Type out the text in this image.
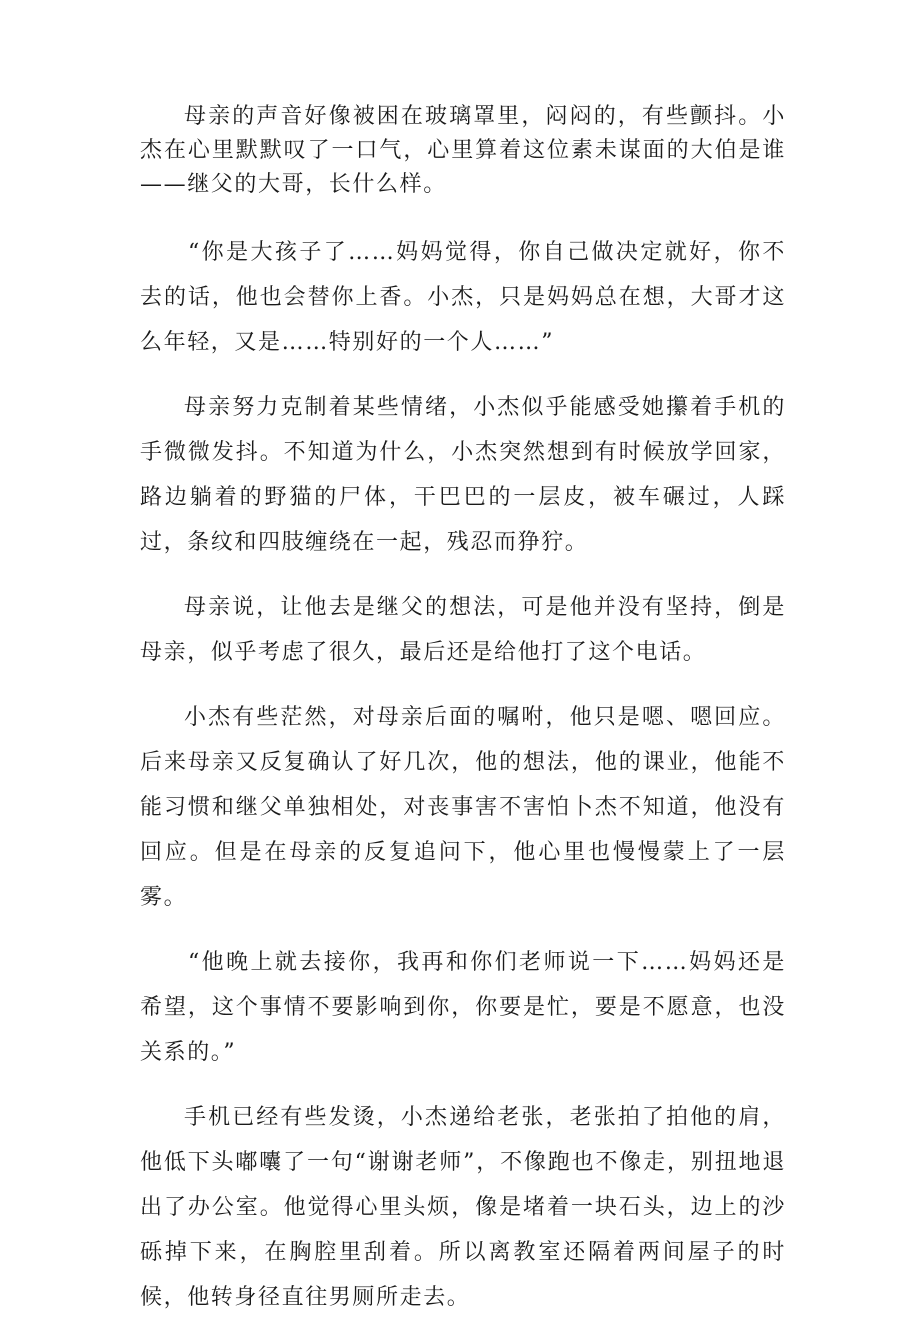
母亲的声音好像被困在玻璃罩里，闷闷的，有些颤抖。小杰在心里默默叹了一口气，心里算着这位素未谋面的大伯是谁——继父的大哥，长什么样。

“你是大孩子了……妈妈觉得，你自己做决定就好，你不去的话，他也会替你上香。小杰，只是妈妈总在想，大哥才这么年轻，又是……特别好的一个人……”

母亲努力克制着某些情绪，小杰似乎能感受她攥着手机的手微微发抖。不知道为什么，小杰突然想到有时候放学回家，路边躺着的野猫的尸体，干巴巴的一层皮，被车碾过，人踩过，条纹和四肢缠绕在一起，残忍而狰狞。

母亲说，让他去是继父的想法，可是他并没有坚持，倒是母亲，似乎考虑了很久，最后还是给他打了这个电话。

小杰有些茫然，对母亲后面的嘱咐，他只是嗯、嗯回应。后来母亲又反复确认了好几次，他的想法，他的课业，他能不能习惯和继父单独相处，对丧事害不害怕卜杰不知道，他没有回应。但是在母亲的反复追问下，他心里也慢慢蒙上了一层雾。

“他晚上就去接你，我再和你们老师说一下……妈妈还是希望，这个事情不要影响到你，你要是忙，要是不愿意，也没关系的。”

手机已经有些发烫，小杰递给老张，老张拍了拍他的肩，他低下头嘟囔了一句“谢谢老师”，不像跑也不像走，别扭地退出了办公室。他觉得心里头烦，像是堵着一块石头，边上的沙砾掉下来，在胸腔里刮着。所以离教室还隔着两间屋子的时候，他转身径直往男厕所走去。
